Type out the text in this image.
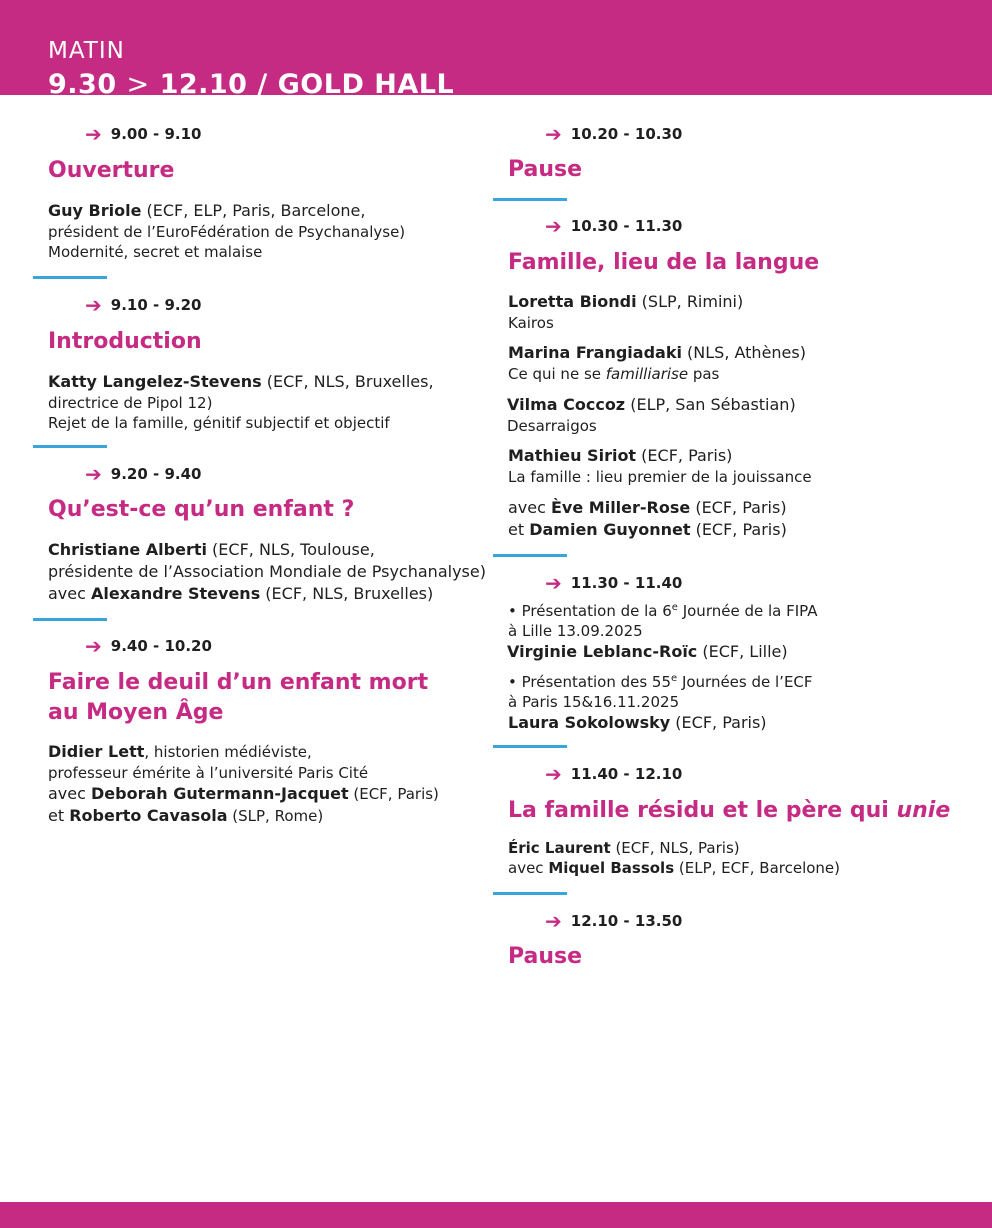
MATIN
9.30 > 12.10 / GOLD HALL
➔ 9.00 - 9.10
Ouverture
Guy Briole (ECF, ELP, Paris, Barcelone,
président de l’EuroFédération de Psychanalyse)
Modernité, secret et malaise
➔ 9.10 - 9.20
Introduction
Katty Langelez-Stevens (ECF, NLS, Bruxelles,
directrice de Pipol 12)
Rejet de la famille, génitif subjectif et objectif
➔ 9.20 - 9.40
Qu’est-ce qu’un enfant ?
Christiane Alberti (ECF, NLS, Toulouse,
présidente de l’Association Mondiale de Psychanalyse)
avec Alexandre Stevens (ECF, NLS, Bruxelles)
➔ 9.40 - 10.20
Faire le deuil d’un enfant mort
au Moyen Âge
Didier Lett, historien médiéviste,
professeur émérite à l’université Paris Cité
avec Deborah Gutermann-Jacquet (ECF, Paris)
et Roberto Cavasola (SLP, Rome)
➔ 10.20 - 10.30
Pause
➔ 10.30 - 11.30
Famille, lieu de la langue
Loretta Biondi (SLP, Rimini)
Kairos
Marina Frangiadaki (NLS, Athènes)
Ce qui ne se familliarise pas
Vilma Coccoz (ELP, San Sébastian)
Desarraigos
Mathieu Siriot (ECF, Paris)
La famille : lieu premier de la jouissance
avec Ève Miller-Rose (ECF, Paris)
et Damien Guyonnet (ECF, Paris)
➔ 11.30 - 11.40
• Présentation de la 6e Journée de la FIPA
à Lille 13.09.2025
Virginie Leblanc-Roïc (ECF, Lille)
• Présentation des 55e Journées de l’ECF
à Paris 15&16.11.2025
Laura Sokolowsky (ECF, Paris)
➔ 11.40 - 12.10
La famille résidu et le père qui unie
Éric Laurent (ECF, NLS, Paris)
avec Miquel Bassols (ELP, ECF, Barcelone)
➔ 12.10 - 13.50
Pause
